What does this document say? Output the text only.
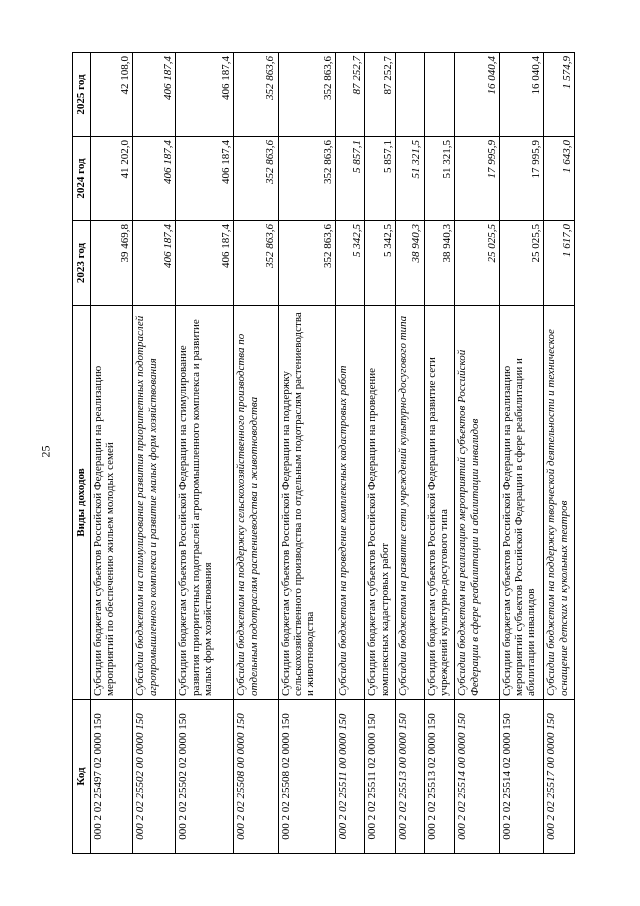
25
Код	Виды доходов	2023 год	2024 год	2025 год
000 2 02 25497 02 0000 150	Субсидии бюджетам субъектов Российской Федерации на реализацию мероприятий по обеспечению жильем молодых семей	39 469,8	41 202,0	42 108,0
000 2 02 25502 00 0000 150	Субсидии бюджетам на стимулирование развития приоритетных подотраслей агропромышленного комплекса и развитие малых форм хозяйствования	406 187,4	406 187,4	406 187,4
000 2 02 25502 02 0000 150	Субсидии бюджетам субъектов Российской Федерации на стимулирование развития приоритетных подотраслей агропромышленного комплекса и развитие малых форм хозяйствования	406 187,4	406 187,4	406 187,4
000 2 02 25508 00 0000 150	Субсидии бюджетам на поддержку сельскохозяйственного производства по отдельным подотраслям растениеводства и животноводства	352 863,6	352 863,6	352 863,6
000 2 02 25508 02 0000 150	Субсидии бюджетам субъектов Российской Федерации на поддержку сельскохозяйственного производства по отдельным подотраслям растениеводства и животноводства	352 863,6	352 863,6	352 863,6
000 2 02 25511 00 0000 150	Субсидии бюджетам на проведение комплексных кадастровых работ	5 342,5	5 857,1	87 252,7
000 2 02 25511 02 0000 150	Субсидии бюджетам субъектов Российской Федерации на проведение комплексных кадастровых работ	5 342,5	5 857,1	87 252,7
000 2 02 25513 00 0000 150	Субсидии бюджетам на развитие сети учреждений культурно-досугового типа	38 940,3	51 321,5	
000 2 02 25513 02 0000 150	Субсидии бюджетам субъектов Российской Федерации на развитие сети учреждений культурно-досугового типа	38 940,3	51 321,5	
000 2 02 25514 00 0000 150	Субсидии бюджетам на реализацию мероприятий субъектов Российской Федерации в сфере реабилитации и абилитации инвалидов	25 025,5	17 995,9	16 040,4
000 2 02 25514 02 0000 150	Субсидии бюджетам субъектов Российской Федерации на реализацию мероприятий субъектов Российской Федерации в сфере реабилитации и абилитации инвалидов	25 025,5	17 995,9	16 040,4
000 2 02 25517 00 0000 150	Субсидии бюджетам на поддержку творческой деятельности и техническое оснащение детских и кукольных театров	1 617,0	1 643,0	1 574,9
